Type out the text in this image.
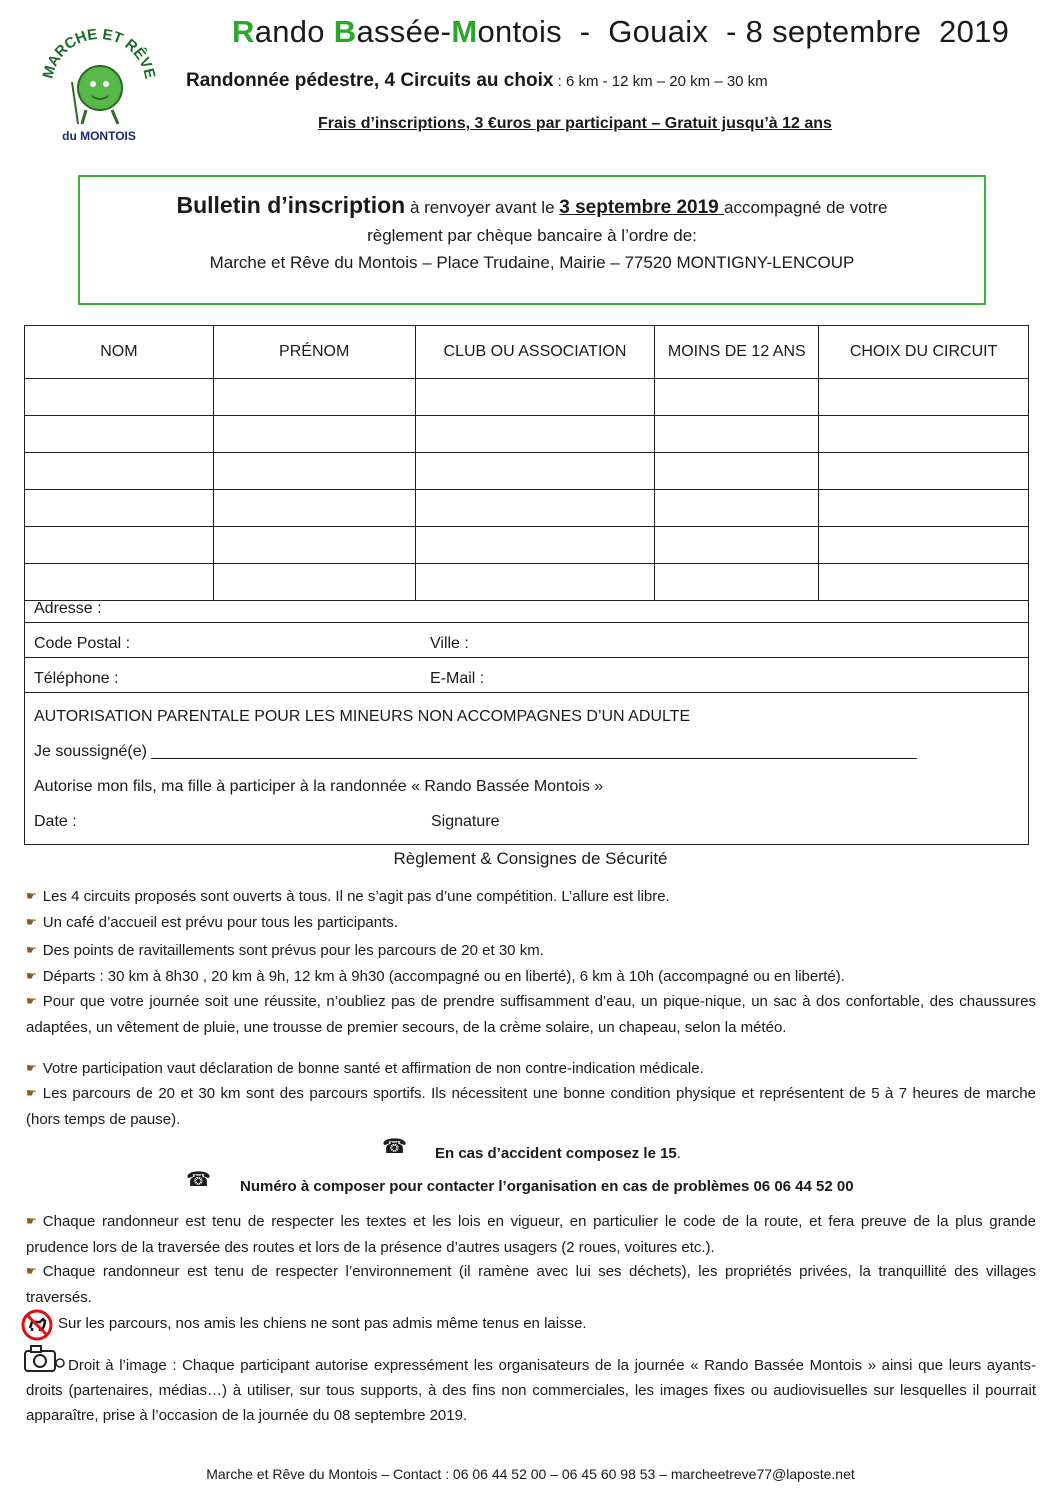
MARCHE ET RÊVE
du MONTOIS
Rando Bassée-Montois  -  Gouaix  - 8 septembre  2019
Randonnée pédestre, 4 Circuits au choix : 6 km - 12 km – 20 km – 30 km
Frais d’inscriptions, 3 €uros par participant – Gratuit jusqu’à 12 ans
Bulletin d’inscription à renvoyer avant le 3 septembre 2019 accompagné de votre
règlement par chèque bancaire à l’ordre de:
Marche et Rêve du Montois – Place Trudaine, Mairie – 77520 MONTIGNY-LENCOUP
NOM	PRÉNOM	CLUB OU ASSOCIATION	MOINS DE 12 ANS	CHOIX DU CIRCUIT

Adresse :
Code Postal :	Ville :
Téléphone :	E-Mail :
AUTORISATION PARENTALE POUR LES MINEURS NON ACCOMPAGNES D’UN ADULTE
Je soussigné(e) ______________________________________________________________________________________
Autorise mon fils, ma fille à participer à la randonnée « Rando Bassée Montois »
Date :	Signature
Règlement & Consignes de Sécurité
☛ Les 4 circuits proposés sont ouverts à tous. Il ne s’agit pas d’une compétition. L’allure est libre.
☛ Un café d’accueil est prévu pour tous les participants.
☛ Des points de ravitaillements sont prévus pour les parcours de 20 et 30 km.
☛ Départs : 30 km à 8h30 , 20 km à 9h, 12 km à 9h30 (accompagné ou en liberté), 6 km à 10h (accompagné ou en liberté).
☛ Pour que votre journée soit une réussite, n’oubliez pas de prendre suffisamment d’eau, un pique-nique, un sac à dos confortable, des chaussures adaptées, un vêtement de pluie, une trousse de premier secours, de la crème solaire, un chapeau, selon la météo.
☛ Votre participation vaut déclaration de bonne santé et affirmation de non contre-indication médicale.
☛ Les parcours de 20 et 30 km sont des parcours sportifs. Ils nécessitent une bonne condition physique et représentent de 5 à 7 heures de marche (hors temps de pause).
☎ En cas d’accident composez le 15.
☎ Numéro à composer pour contacter l’organisation en cas de problèmes 06 06 44 52 00
☛ Chaque randonneur est tenu de respecter les textes et les lois en vigueur, en particulier le code de la route, et fera preuve de la plus grande prudence lors de la traversée des routes et lors de la présence d’autres usagers (2 roues, voitures etc.).
☛ Chaque randonneur est tenu de respecter l’environnement (il ramène avec lui ses déchets), les propriétés privées, la tranquillité des villages traversés.
Sur les parcours, nos amis les chiens ne sont pas admis même tenus en laisse.
Droit à l’image : Chaque participant autorise expressément les organisateurs de la journée « Rando Bassée Montois » ainsi que leurs ayants-droits (partenaires, médias…) à utiliser, sur tous supports, à des fins non commerciales, les images fixes ou audiovisuelles sur lesquelles il pourrait apparaître, prise à l’occasion de la journée du 08 septembre 2019.
Marche et Rêve du Montois – Contact : 06 06 44 52 00 – 06 45 60 98 53 – marcheetreve77@laposte.net
